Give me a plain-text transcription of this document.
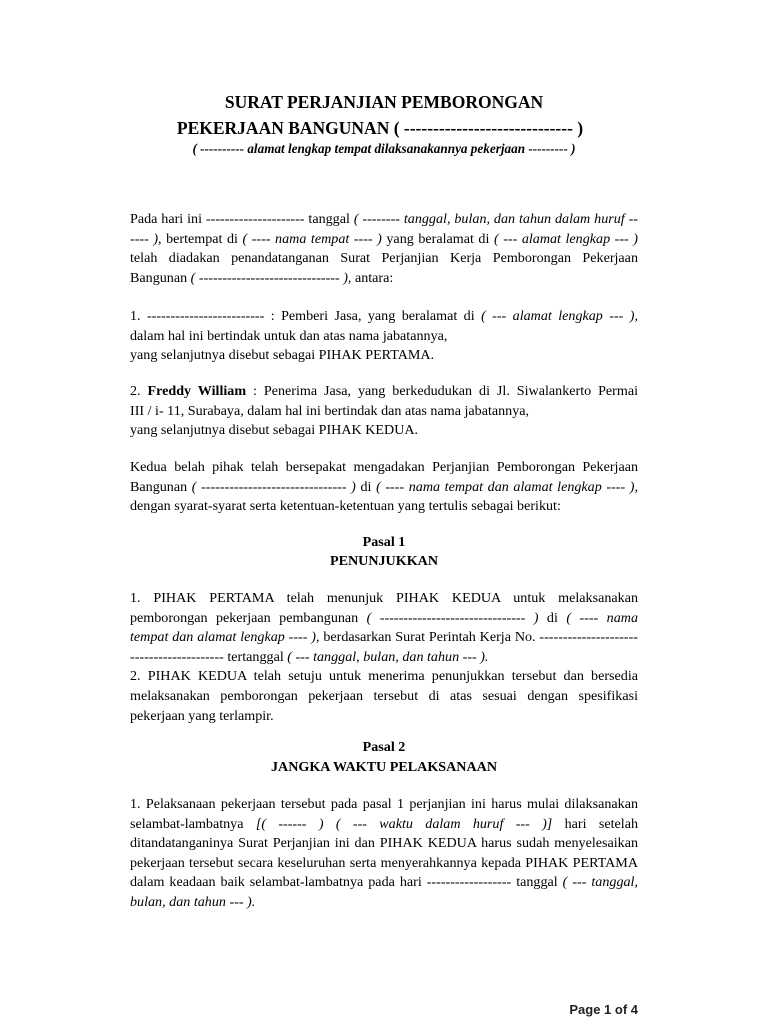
SURAT PERJANJIAN PEMBORONGAN
PEKERJAAN BANGUNAN ( ----------------------------- )
( ---------- alamat lengkap tempat dilaksanakannya pekerjaan --------- )
Pada hari ini --------------------- tanggal ( -------- tanggal, bulan, dan tahun dalam huruf --
---- ), bertempat di ( ---- nama tempat ---- ) yang beralamat di ( --- alamat lengkap --- )
telah diadakan penandatanganan Surat Perjanjian Kerja Pemborongan Pekerjaan
Bangunan ( ------------------------------ ), antara:
1. ------------------------- : Pemberi Jasa, yang beralamat di ( --- alamat lengkap --- ),
dalam hal ini bertindak untuk dan atas nama jabatannya,
yang selanjutnya disebut sebagai PIHAK PERTAMA.
2. Freddy William : Penerima Jasa, yang berkedudukan di Jl. Siwalankerto Permai
III / i- 11, Surabaya, dalam hal ini bertindak dan atas nama jabatannya,
yang selanjutnya disebut sebagai PIHAK KEDUA.
Kedua belah pihak telah bersepakat mengadakan Perjanjian Pemborongan Pekerjaan
Bangunan ( ------------------------------- ) di ( ---- nama tempat dan alamat lengkap ---- ),
dengan syarat-syarat serta ketentuan-ketentuan yang tertulis sebagai berikut:
Pasal 1
PENUNJUKKAN
1. PIHAK PERTAMA telah menunjuk PIHAK KEDUA untuk melaksanakan
pemborongan pekerjaan pembangunan ( ------------------------------- ) di ( ---- nama
tempat dan alamat lengkap ---- ), berdasarkan Surat Perintah Kerja No. ---------------------
-------------------- tertanggal ( --- tanggal, bulan, dan tahun --- ).
2. PIHAK KEDUA telah setuju untuk menerima penunjukkan tersebut dan bersedia
melaksanakan pemborongan pekerjaan tersebut di atas sesuai dengan spesifikasi
pekerjaan yang terlampir.
Pasal 2
JANGKA WAKTU PELAKSANAAN
1. Pelaksanaan pekerjaan tersebut pada pasal 1 perjanjian ini harus mulai dilaksanakan
selambat-lambatnya [( ------ ) ( --- waktu dalam huruf --- )] hari setelah
ditandatanganinya Surat Perjanjian ini dan PIHAK KEDUA harus sudah menyelesaikan
pekerjaan tersebut secara keseluruhan serta menyerahkannya kepada PIHAK PERTAMA
dalam keadaan baik selambat-lambatnya pada hari ------------------ tanggal ( --- tanggal,
bulan, dan tahun --- ).
Page 1 of 4
